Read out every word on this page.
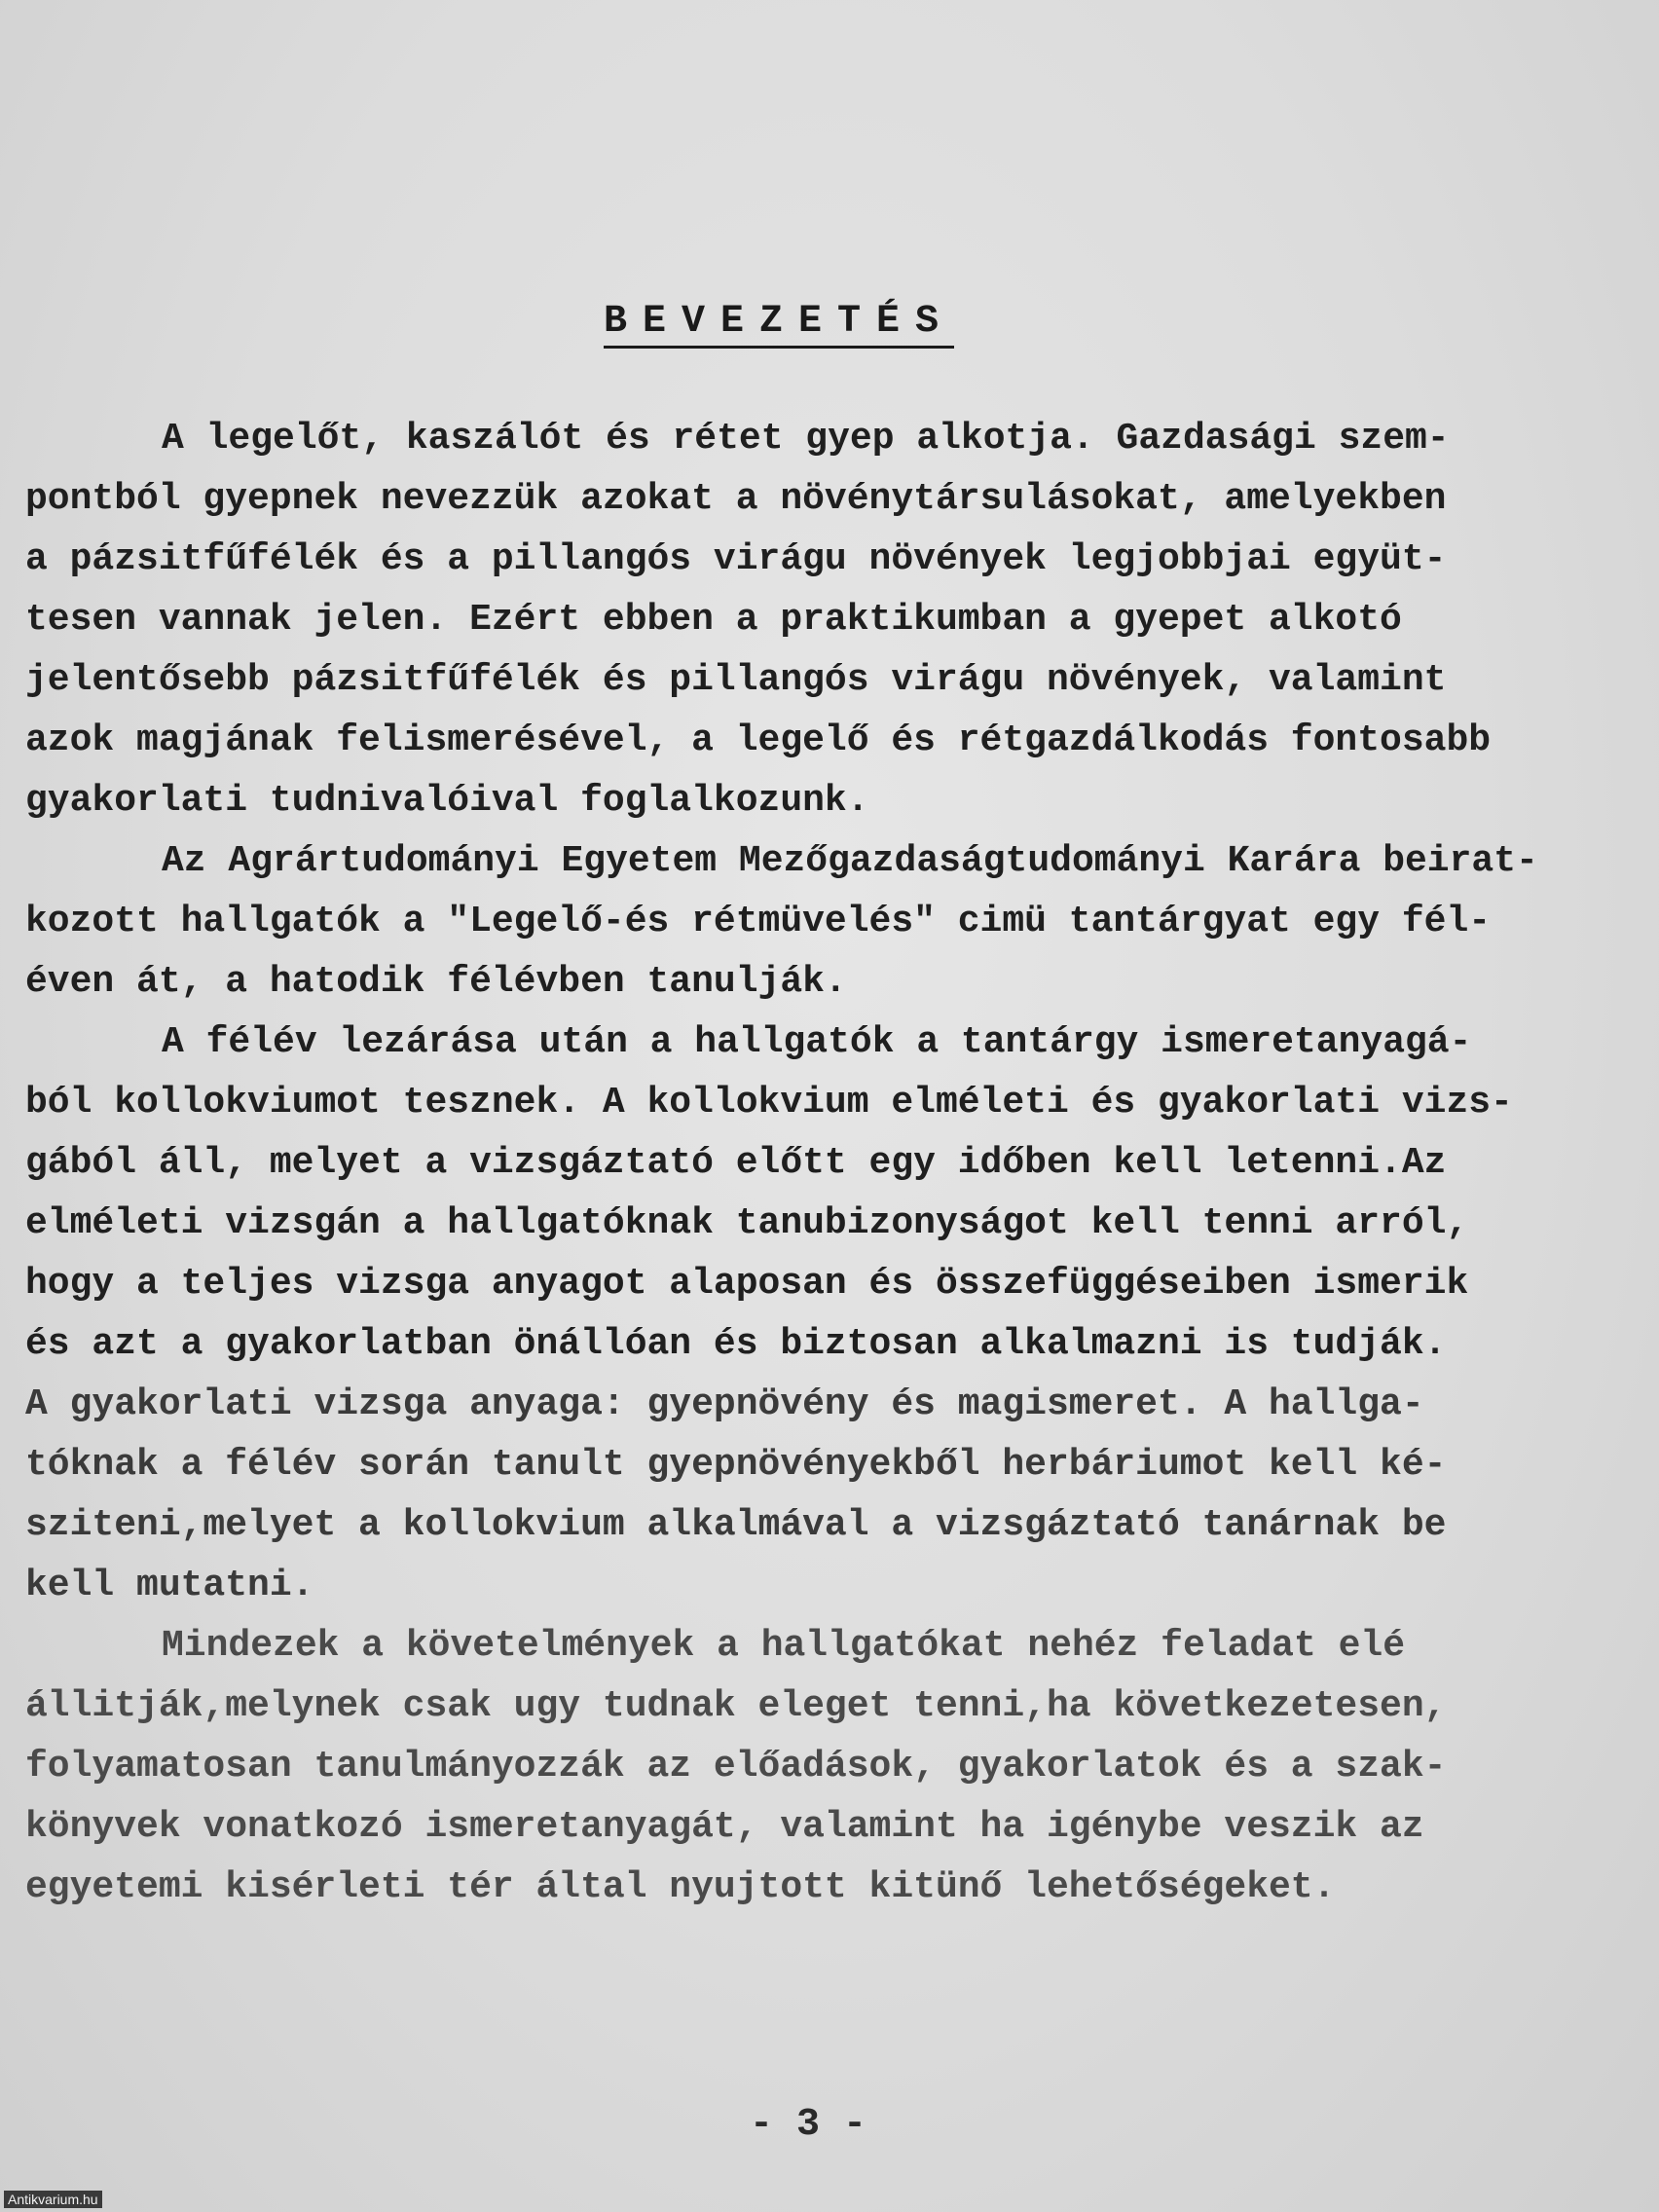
BEVEZETÉS
A legelőt, kaszálót és rétet gyep alkotja. Gazdasági szem-
pontból gyepnek nevezzük azokat a növénytársulásokat, amelyekben
a pázsitfűfélék és a pillangós virágu növények legjobbjai együt-
tesen vannak jelen. Ezért ebben a praktikumban a gyepet alkotó
jelentősebb pázsitfűfélék és pillangós virágu növények, valamint
azok magjának felismerésével, a legelő és rétgazdálkodás fontosabb
gyakorlati tudnivalóival foglalkozunk.
Az Agrártudományi Egyetem Mezőgazdaságtudományi Karára beirat-
kozott hallgatók a "Legelő-és rétmüvelés" cimü tantárgyat egy fél-
éven át, a hatodik félévben tanulják.
A félév lezárása után a hallgatók a tantárgy ismeretanyagá-
ból kollokviumot tesznek. A kollokvium elméleti és gyakorlati vizs-
gából áll, melyet a vizsgáztató előtt egy időben kell letenni.Az
elméleti vizsgán a hallgatóknak tanubizonyságot kell tenni arról,
hogy a teljes vizsga anyagot alaposan és összefüggéseiben ismerik
és azt a gyakorlatban önállóan és biztosan alkalmazni is tudják.
A gyakorlati vizsga anyaga: gyepnövény és magismeret. A hallga-
tóknak a félév során tanult gyepnövényekből herbáriumot kell ké-
sziteni,melyet a kollokvium alkalmával a vizsgáztató tanárnak be
kell mutatni.
Mindezek a követelmények a hallgatókat nehéz feladat elé
állitják,melynek csak ugy tudnak eleget tenni,ha következetesen,
folyamatosan tanulmányozzák az előadások, gyakorlatok és a szak-
könyvek vonatkozó ismeretanyagát, valamint ha igénybe veszik az
egyetemi kisérleti tér által nyujtott kitünő lehetőségeket.
- 3 -
Antikvarium.hu
